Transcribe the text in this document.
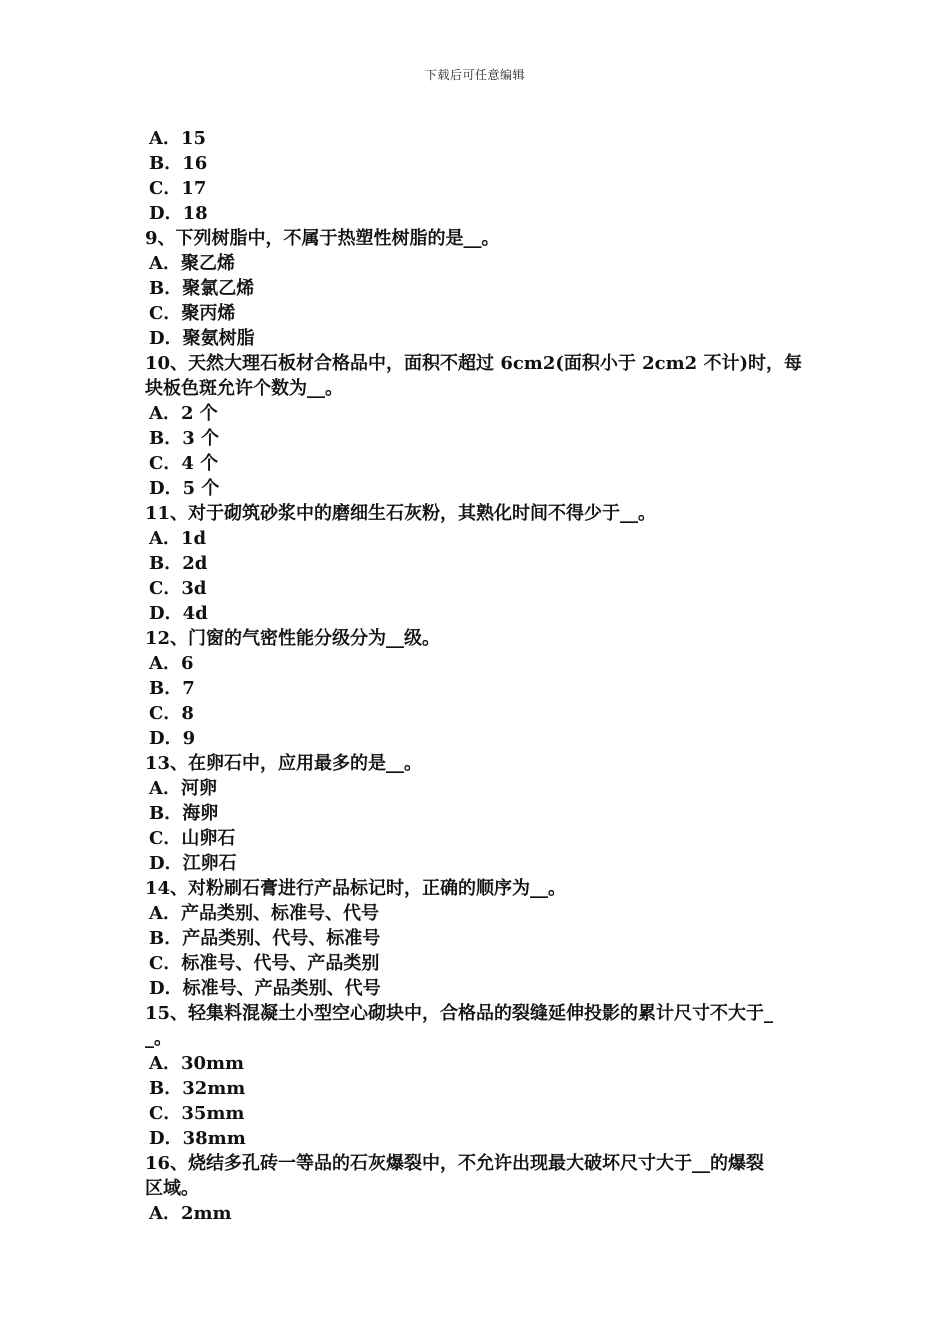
下载后可任意编辑
A．15
B．16
C．17
D．18
9、下列树脂中，不属于热塑性树脂的是__。
A．聚乙烯
B．聚氯乙烯
C．聚丙烯
D．聚氨树脂
10、天然大理石板材合格品中，面积不超过 6cm2(面积小于 2cm2 不计)时，每
块板色斑允许个数为__。
A．2 个
B．3 个
C．4 个
D．5 个
11、对于砌筑砂浆中的磨细生石灰粉，其熟化时间不得少于__。
A．1d
B．2d
C．3d
D．4d
12、门窗的气密性能分级分为__级。
A．6
B．7
C．8
D．9
13、在卵石中，应用最多的是__。
A．河卵
B．海卵
C．山卵石
D．江卵石
14、对粉刷石膏进行产品标记时，正确的顺序为__。
A．产品类别、标准号、代号
B．产品类别、代号、标准号
C．标准号、代号、产品类别
D．标准号、产品类别、代号
15、轻集料混凝土小型空心砌块中，合格品的裂缝延伸投影的累计尺寸不大于_
_。
A．30mm
B．32mm
C．35mm
D．38mm
16、烧结多孔砖一等品的石灰爆裂中，不允许出现最大破坏尺寸大于__的爆裂
区域。
A．2mm
